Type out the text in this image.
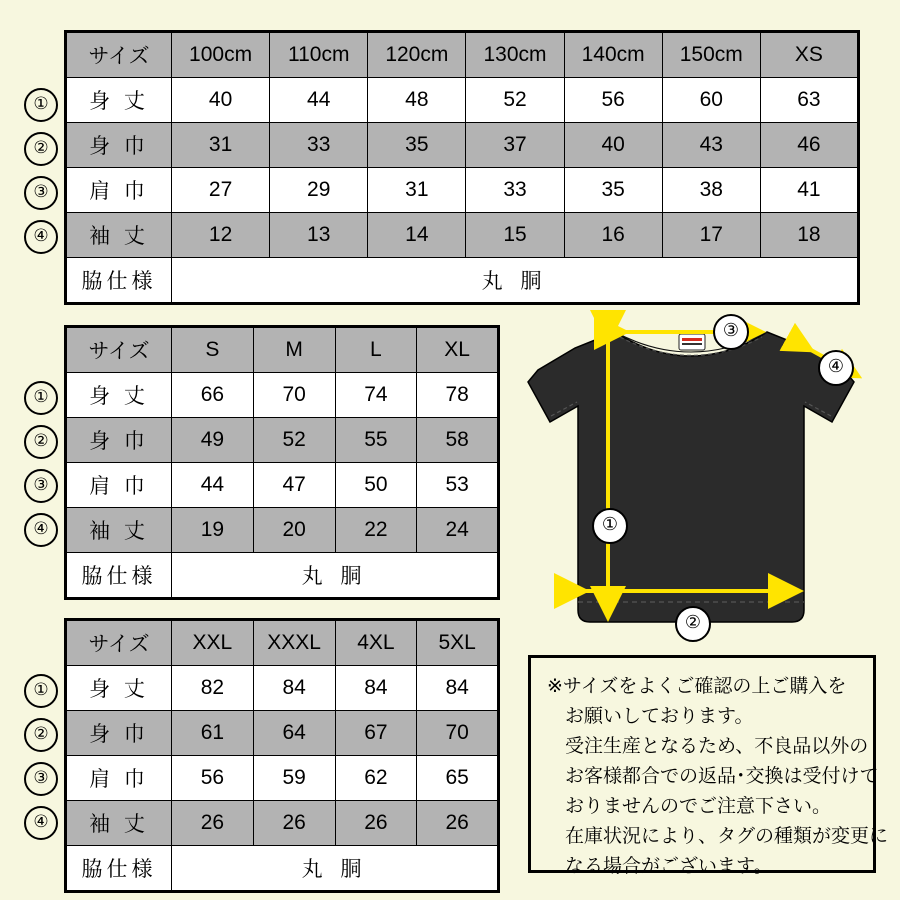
サイズ	100cm	110cm	120cm	130cm	140cm	150cm	XS
身 丈	40	44	48	52	56	60	63
身 巾	31	33	35	37	40	43	46
肩 巾	27	29	31	33	35	38	41
袖 丈	12	13	14	15	16	17	18
脇仕様	丸 胴						
①
②
③
④
サイズ	S	M	L	XL
身 丈	66	70	74	78
身 巾	49	52	55	58
肩 巾	44	47	50	53
袖 丈	19	20	22	24
脇仕様	丸 胴			
①
②
③
④
サイズ	XXL	XXXL	4XL	5XL
身 丈	82	84	84	84
身 巾	61	64	67	70
肩 巾	56	59	62	65
袖 丈	26	26	26	26
脇仕様	丸 胴			
①
②
③
④
③
④
①
②
※サイズをよくご確認の上ご購入を
お願いしております。
受注生産となるため、不良品以外の
お客様都合での返品･交換は受付けて
おりませんのでご注意下さい。
在庫状況により、タグの種類が変更に
なる場合がございます。
